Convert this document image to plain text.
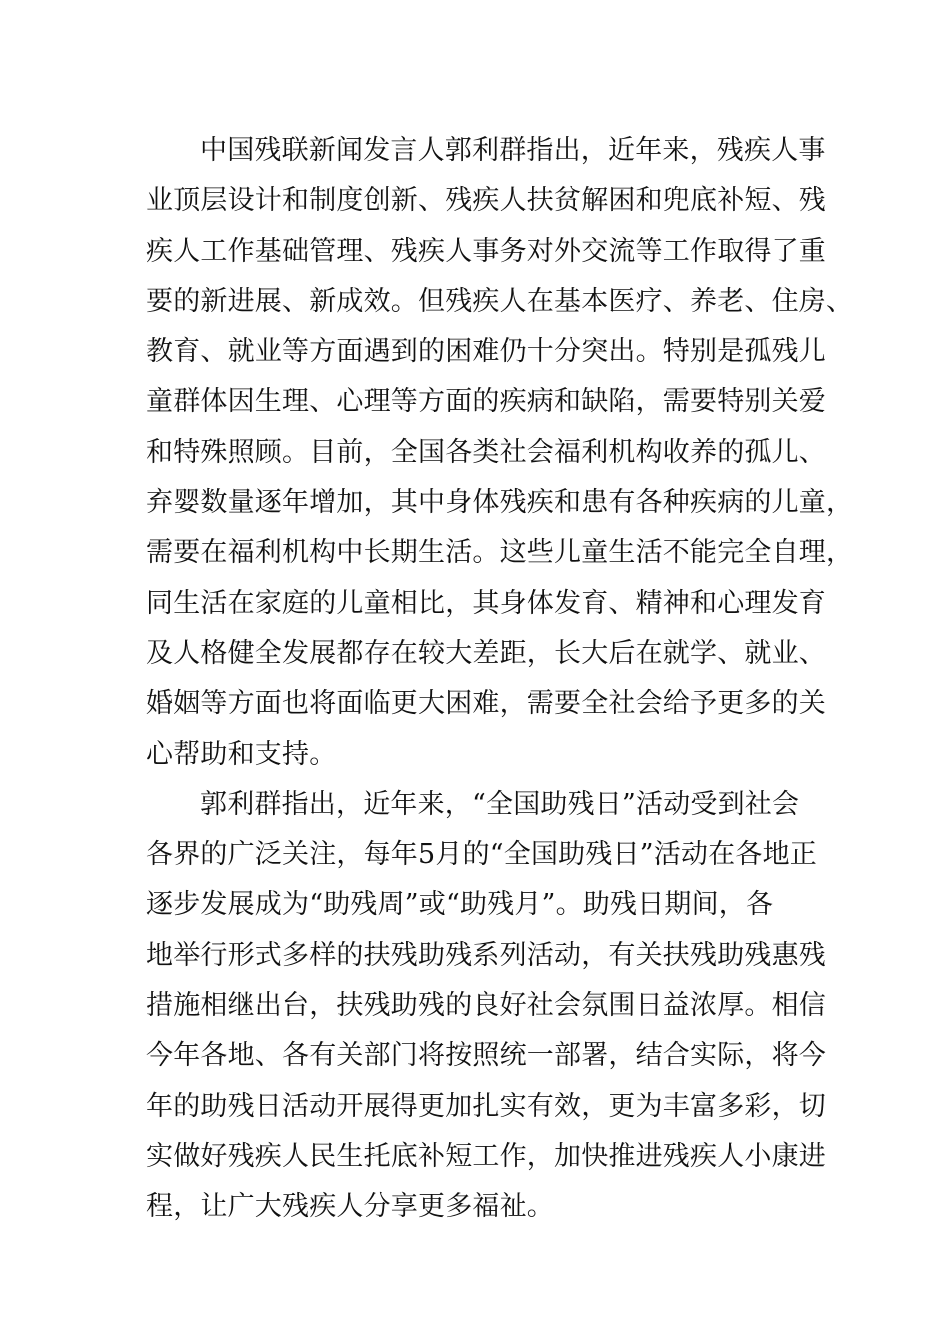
中国残联新闻发言人郭利群指出，近年来，残疾人事
业顶层设计和制度创新、残疾人扶贫解困和兜底补短、残
疾人工作基础管理、残疾人事务对外交流等工作取得了重
要的新进展、新成效。但残疾人在基本医疗、养老、住房、
教育、就业等方面遇到的困难仍十分突出。特别是孤残儿
童群体因生理、心理等方面的疾病和缺陷，需要特别关爱
和特殊照顾。目前，全国各类社会福利机构收养的孤儿、
弃婴数量逐年增加，其中身体残疾和患有各种疾病的儿童，
需要在福利机构中长期生活。这些儿童生活不能完全自理，
同生活在家庭的儿童相比，其身体发育、精神和心理发育
及人格健全发展都存在较大差距，长大后在就学、就业、
婚姻等方面也将面临更大困难，需要全社会给予更多的关
心帮助和支持。
郭利群指出，近年来，“全国助残日”活动受到社会
各界的广泛关注，每年5月的“全国助残日”活动在各地正
逐步发展成为“助残周”或“助残月”。助残日期间，各
地举行形式多样的扶残助残系列活动，有关扶残助残惠残
措施相继出台，扶残助残的良好社会氛围日益浓厚。相信
今年各地、各有关部门将按照统一部署，结合实际，将今
年的助残日活动开展得更加扎实有效，更为丰富多彩，切
实做好残疾人民生托底补短工作，加快推进残疾人小康进
程，让广大残疾人分享更多福祉。
